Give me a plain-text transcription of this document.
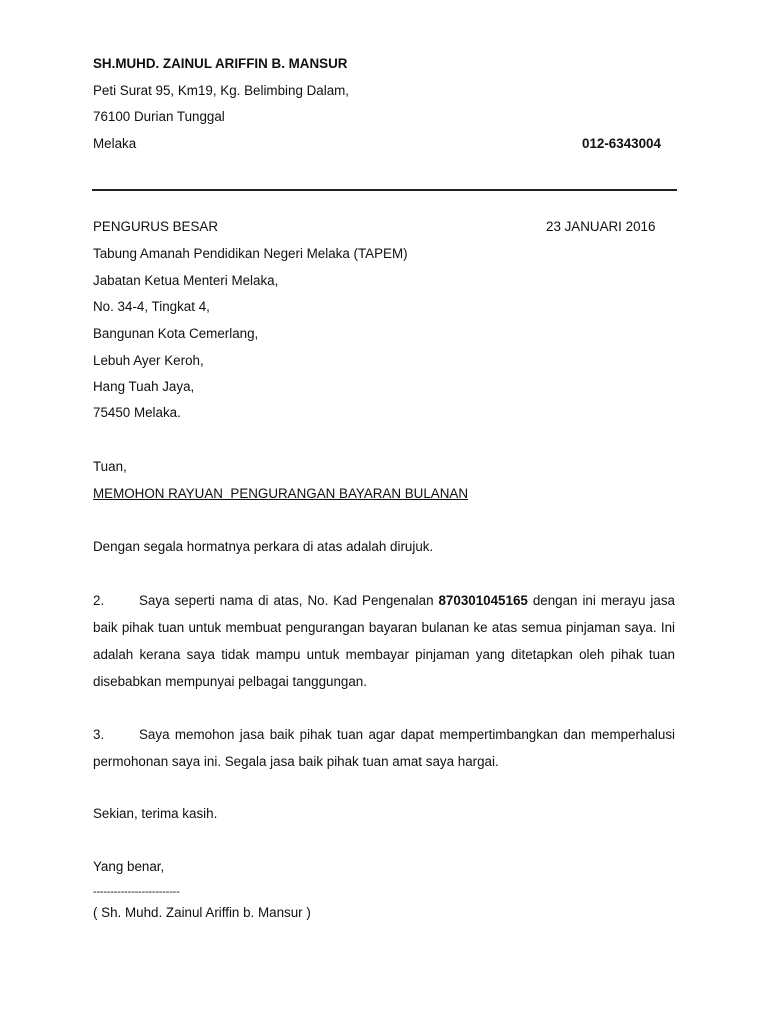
SH.MUHD. ZAINUL ARIFFIN B. MANSUR
Peti Surat 95, Km19, Kg. Belimbing Dalam,
76100 Durian Tunggal
Melaka	012-6343004
PENGURUS BESAR	23 JANUARI 2016
Tabung Amanah Pendidikan Negeri Melaka (TAPEM)
Jabatan Ketua Menteri Melaka,
No. 34-4, Tingkat 4,
Bangunan Kota Cemerlang,
Lebuh Ayer Keroh,
Hang Tuah Jaya,
75450 Melaka.
Tuan,
MEMOHON RAYUAN  PENGURANGAN BAYARAN BULANAN
Dengan segala hormatnya perkara di atas adalah dirujuk.
2.	Saya seperti nama di atas, No. Kad Pengenalan 870301045165 dengan ini merayu jasa baik pihak tuan untuk membuat pengurangan bayaran bulanan ke atas semua pinjaman saya. Ini adalah kerana saya tidak mampu untuk membayar pinjaman yang ditetapkan oleh pihak tuan disebabkan mempunyai pelbagai tanggungan.
3.	Saya memohon jasa baik pihak tuan agar dapat mempertimbangkan dan memperhalusi permohonan saya ini. Segala jasa baik pihak tuan amat saya hargai.
Sekian, terima kasih.
Yang benar,
-------------------------
( Sh. Muhd. Zainul Ariffin b. Mansur )
